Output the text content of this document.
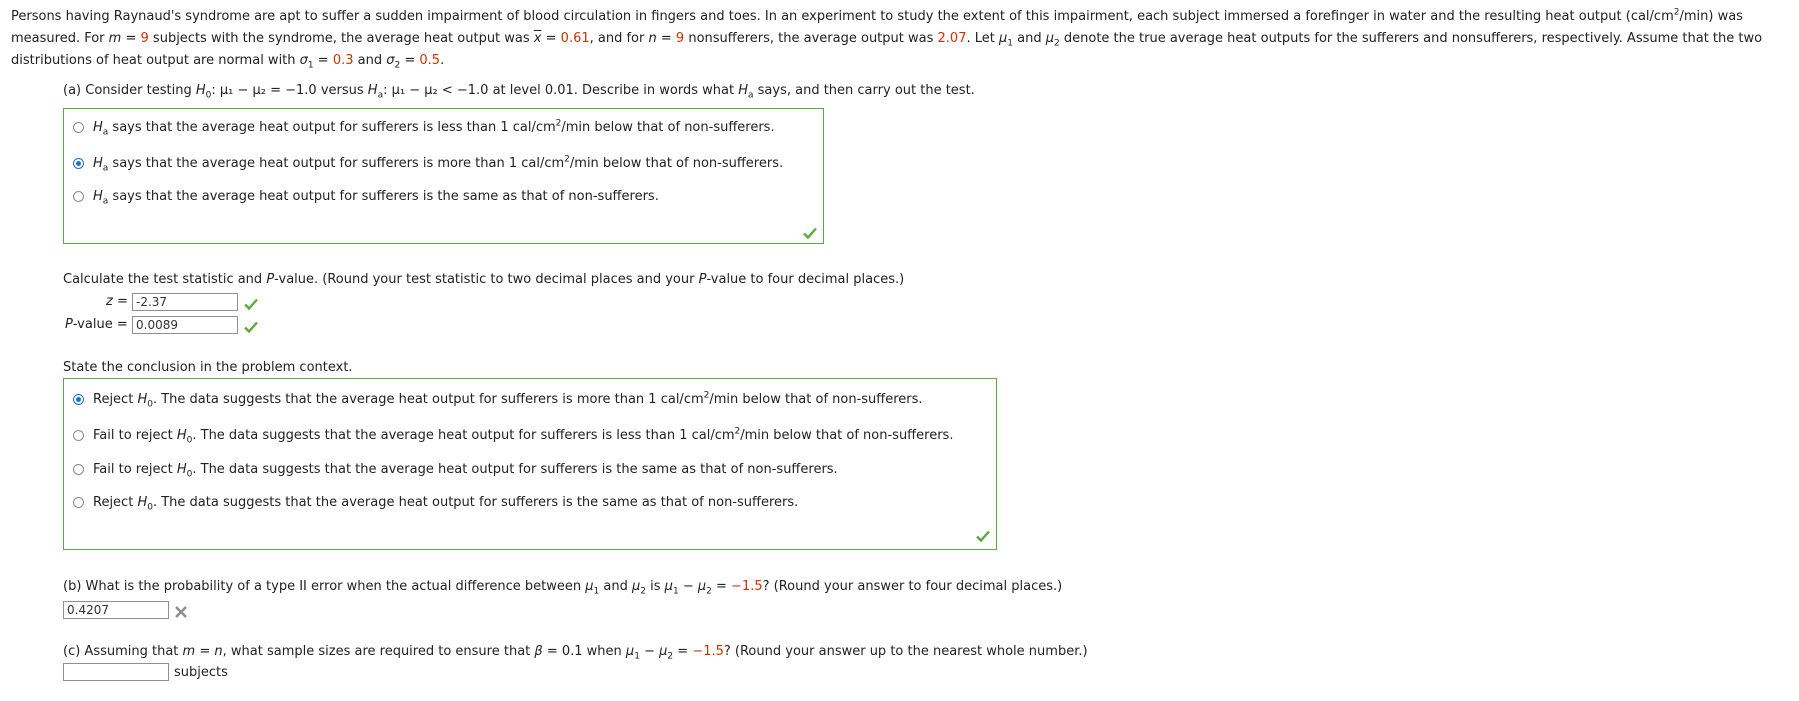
Persons having Raynaud's syndrome are apt to suffer a sudden impairment of blood circulation in fingers and toes. In an experiment to study the extent of this impairment, each subject immersed a forefinger in water and the resulting heat output $(cal/cm^2/\min)$ was measured. For m = 9 subjects with the syndrome, the average heat output was $\overline{x} = 0.61$, and for n = 9 nonsufferers, the average output was 2.07. Let $\mu_1$ and $\mu_2$ denote the true average heat outputs for the sufferers and nonsufferers, respectively. Assume that the two distributions of heat output are normal with $\sigma_1 = 0.3$ and $\sigma_2 = 0.5$.
(a) Consider testing $H_0$: μ₁ − μ₂ = −1.0 versus $H_a$: μ₁ − μ₂ < −1.0 at level 0.01. Describe in words what $H_a$ says, and then carry out the test.
$H_a$ says that the average heat output for sufferers is less than 1 cal/$cm^2/\min$ below that of non-sufferers.
$H_a$ says that the average heat output for sufferers is more than 1 cal/$cm^2/\min$ below that of non-sufferers.
$H_a$ says that the average heat output for sufferers is the same as that of non-sufferers.
Calculate the test statistic and P-value. (Round your test statistic to two decimal places and your P-value to four decimal places.)
z = -2.37
P-value = 0.0089
State the conclusion in the problem context.
Reject $H_0$. The data suggests that the average heat output for sufferers is more than 1 cal/$cm^2/\min$ below that of non-sufferers.
Fail to reject $H_0$. The data suggests that the average heat output for sufferers is less than 1 cal/$cm^2/\min$ below that of non-sufferers.
Fail to reject $H_0$. The data suggests that the average heat output for sufferers is the same as that of non-sufferers.
Reject $H_0$. The data suggests that the average heat output for sufferers is the same as that of non-sufferers.
(b) What is the probability of a type II error when the actual difference between $\mu_1$ and $\mu_2$ is $\mu_1 - \mu_2 = -1.5$? (Round your answer to four decimal places.)
0.4207
(c) Assuming that m = n, what sample sizes are required to ensure that β = 0.1 when $\mu_1 - \mu_2 = -1.5$? (Round your answer up to the nearest whole number.)
subjects
